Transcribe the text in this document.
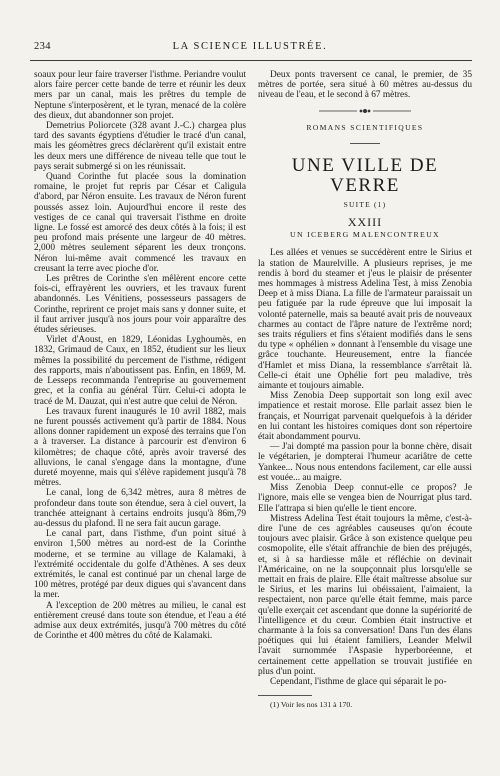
234	LA SCIENCE ILLUSTRÉE.

soaux pour leur faire traverser l'isthme. Periandre voulut alors faire percer cette bande de terre et réunir les deux mers par un canal, mais les prêtres du temple de Neptune s'interposèrent, et le tyran, menacé de la colère des dieux, dut abandonner son projet.

Demetrius Poliorcete (328 avant J.-C.) chargea plus tard des savants égyptiens d'étudier le tracé d'un canal, mais les géomètres grecs déclarèrent qu'il existait entre les deux mers une différence de niveau telle que tout le pays serait submergé si on les réunissait.

Quand Corinthe fut placée sous la domination romaine, le projet fut repris par César et Caligula d'abord, par Néron ensuite. Les travaux de Néron furent poussés assez loin. Aujourd'hui encore il reste des vestiges de ce canal qui traversait l'isthme en droite ligne. Le fossé est amorcé des deux côtés à la fois; il est peu profond mais présente une largeur de 40 mètres. 2,000 mètres seulement séparent les deux tronçons. Néron lui-même avait commencé les travaux en creusant la terre avec pioche d'or.

Les prêtres de Corinthe s'en mêlèrent encore cette fois-ci, effrayèrent les ouvriers, et les travaux furent abandonnés. Les Vénitiens, possesseurs passagers de Corinthe, reprirent ce projet mais sans y donner suite, et il faut arriver jusqu'à nos jours pour voir apparaître des études sérieuses.

Virlet d'Aoust, en 1829, Léonidas Lyghoumès, en 1832, Grimaud de Caux, en 1852, étudient sur les lieux mêmes la possibilité du percement de l'isthme, rédigent des rapports, mais n'aboutissent pas. Enfin, en 1869, M. de Lesseps recommanda l'entreprise au gouvernement grec, et la confia au général Türr. Celui-ci adopta le tracé de M. Dauzat, qui n'est autre que celui de Néron.

Les travaux furent inaugurés le 10 avril 1882, mais ne furent poussés activement qu'à partir de 1884. Nous allons donner rapidement un exposé des terrains que l'on a à traverser. La distance à parcourir est d'environ 6 kilomètres; de chaque côté, après avoir traversé des alluvions, le canal s'engage dans la montagne, d'une dureté moyenne, mais qui s'élève rapidement jusqu'à 78 mètres.

Le canal, long de 6,342 mètres, aura 8 mètres de profondeur dans toute son étendue, sera à ciel ouvert, la tranchée atteignant à certains endroits jusqu'à 86m,79 au-dessus du plafond. Il ne sera fait aucun garage.

Le canal part, dans l'isthme, d'un point situé à environ 1,500 mètres au nord-est de la Corinthe moderne, et se termine au village de Kalamaki, à l'extrémité occidentale du golfe d'Athènes. A ses deux extrémités, le canal est continué par un chenal large de 100 mètres, protégé par deux digues qui s'avancent dans la mer.

A l'exception de 200 mètres au milieu, le canal est entièrement creusé dans toute son étendue, et l'eau a été admise aux deux extrémités, jusqu'à 700 mètres du côté de Corinthe et 400 mètres du côté de Kalamaki.

Deux ponts traversent ce canal, le premier, de 35 mètres de portée, sera situé à 60 mètres au-dessus du niveau de l'eau, et le second à 67 mètres.

ROMANS SCIENTIFIQUES
UNE VILLE DE VERRE
SUITE (1)
XXIII
UN ICEBERG MALENCONTREUX

Les allées et venues se succédèrent entre le Sirius et la station de Maurelville. A plusieurs reprises, je me rendis à bord du steamer et j'eus le plaisir de présenter mes hommages à mistress Adelina Test, à miss Zenobia Deep et à miss Diana. La fille de l'armateur paraissait un peu fatiguée par la rude épreuve que lui imposait la volonté paternelle, mais sa beauté avait pris de nouveaux charmes au contact de l'âpre nature de l'extrême nord; ses traits réguliers et fins s'étaient modifiés dans le sens du type « ophélien » donnant à l'ensemble du visage une grâce touchante. Heureusement, entre la fiancée d'Hamlet et miss Diana, la ressemblance s'arrêtait là. Celle-ci était une Ophélie fort peu maladive, très aimante et toujours aimable.

Miss Zenobia Deep supportait son long exil avec impatience et restait morose. Elle parlait assez bien le français, et Nourrigat parvenait quelquefois à la dérider en lui contant les histoires comiques dont son répertoire était abondamment pourvu.

— J'ai dompté ma passion pour la bonne chère, disait le végétarien, je dompterai l'humeur acariâtre de cette Yankee... Nous nous entendons facilement, car elle aussi est vouée... au maigre.

Miss Zenobia Deep connut-elle ce propos? Je l'ignore, mais elle se vengea bien de Nourrigat plus tard. Elle l'attrapa si bien qu'elle le tient encore.

Mistress Adelina Test était toujours la même, c'est-à-dire l'une de ces agréables causeuses qu'on écoute toujours avec plaisir. Grâce à son existence quelque peu cosmopolite, elle s'était affranchie de bien des préjugés, et, si à sa hardiesse mâle et réfléchie on devinait l'Américaine, on ne la soupçonnait plus lorsqu'elle se mettait en frais de plaire. Elle était maîtresse absolue sur le Sirius, et les marins lui obéissaient, l'aimaient, la respectaient, non parce qu'elle était femme, mais parce qu'elle exerçait cet ascendant que donne la supériorité de l'intelligence et du cœur. Combien était instructive et charmante à la fois sa conversation! Dans l'un des élans poétiques qui lui étaient familiers, Leander Melwil l'avait surnommée l'Aspasie hyperboréenne, et certainement cette appellation se trouvait justifiée en plus d'un point.

Cependant, l'isthme de glace qui séparait le po-

(1) Voir les nos 131 à 170.
